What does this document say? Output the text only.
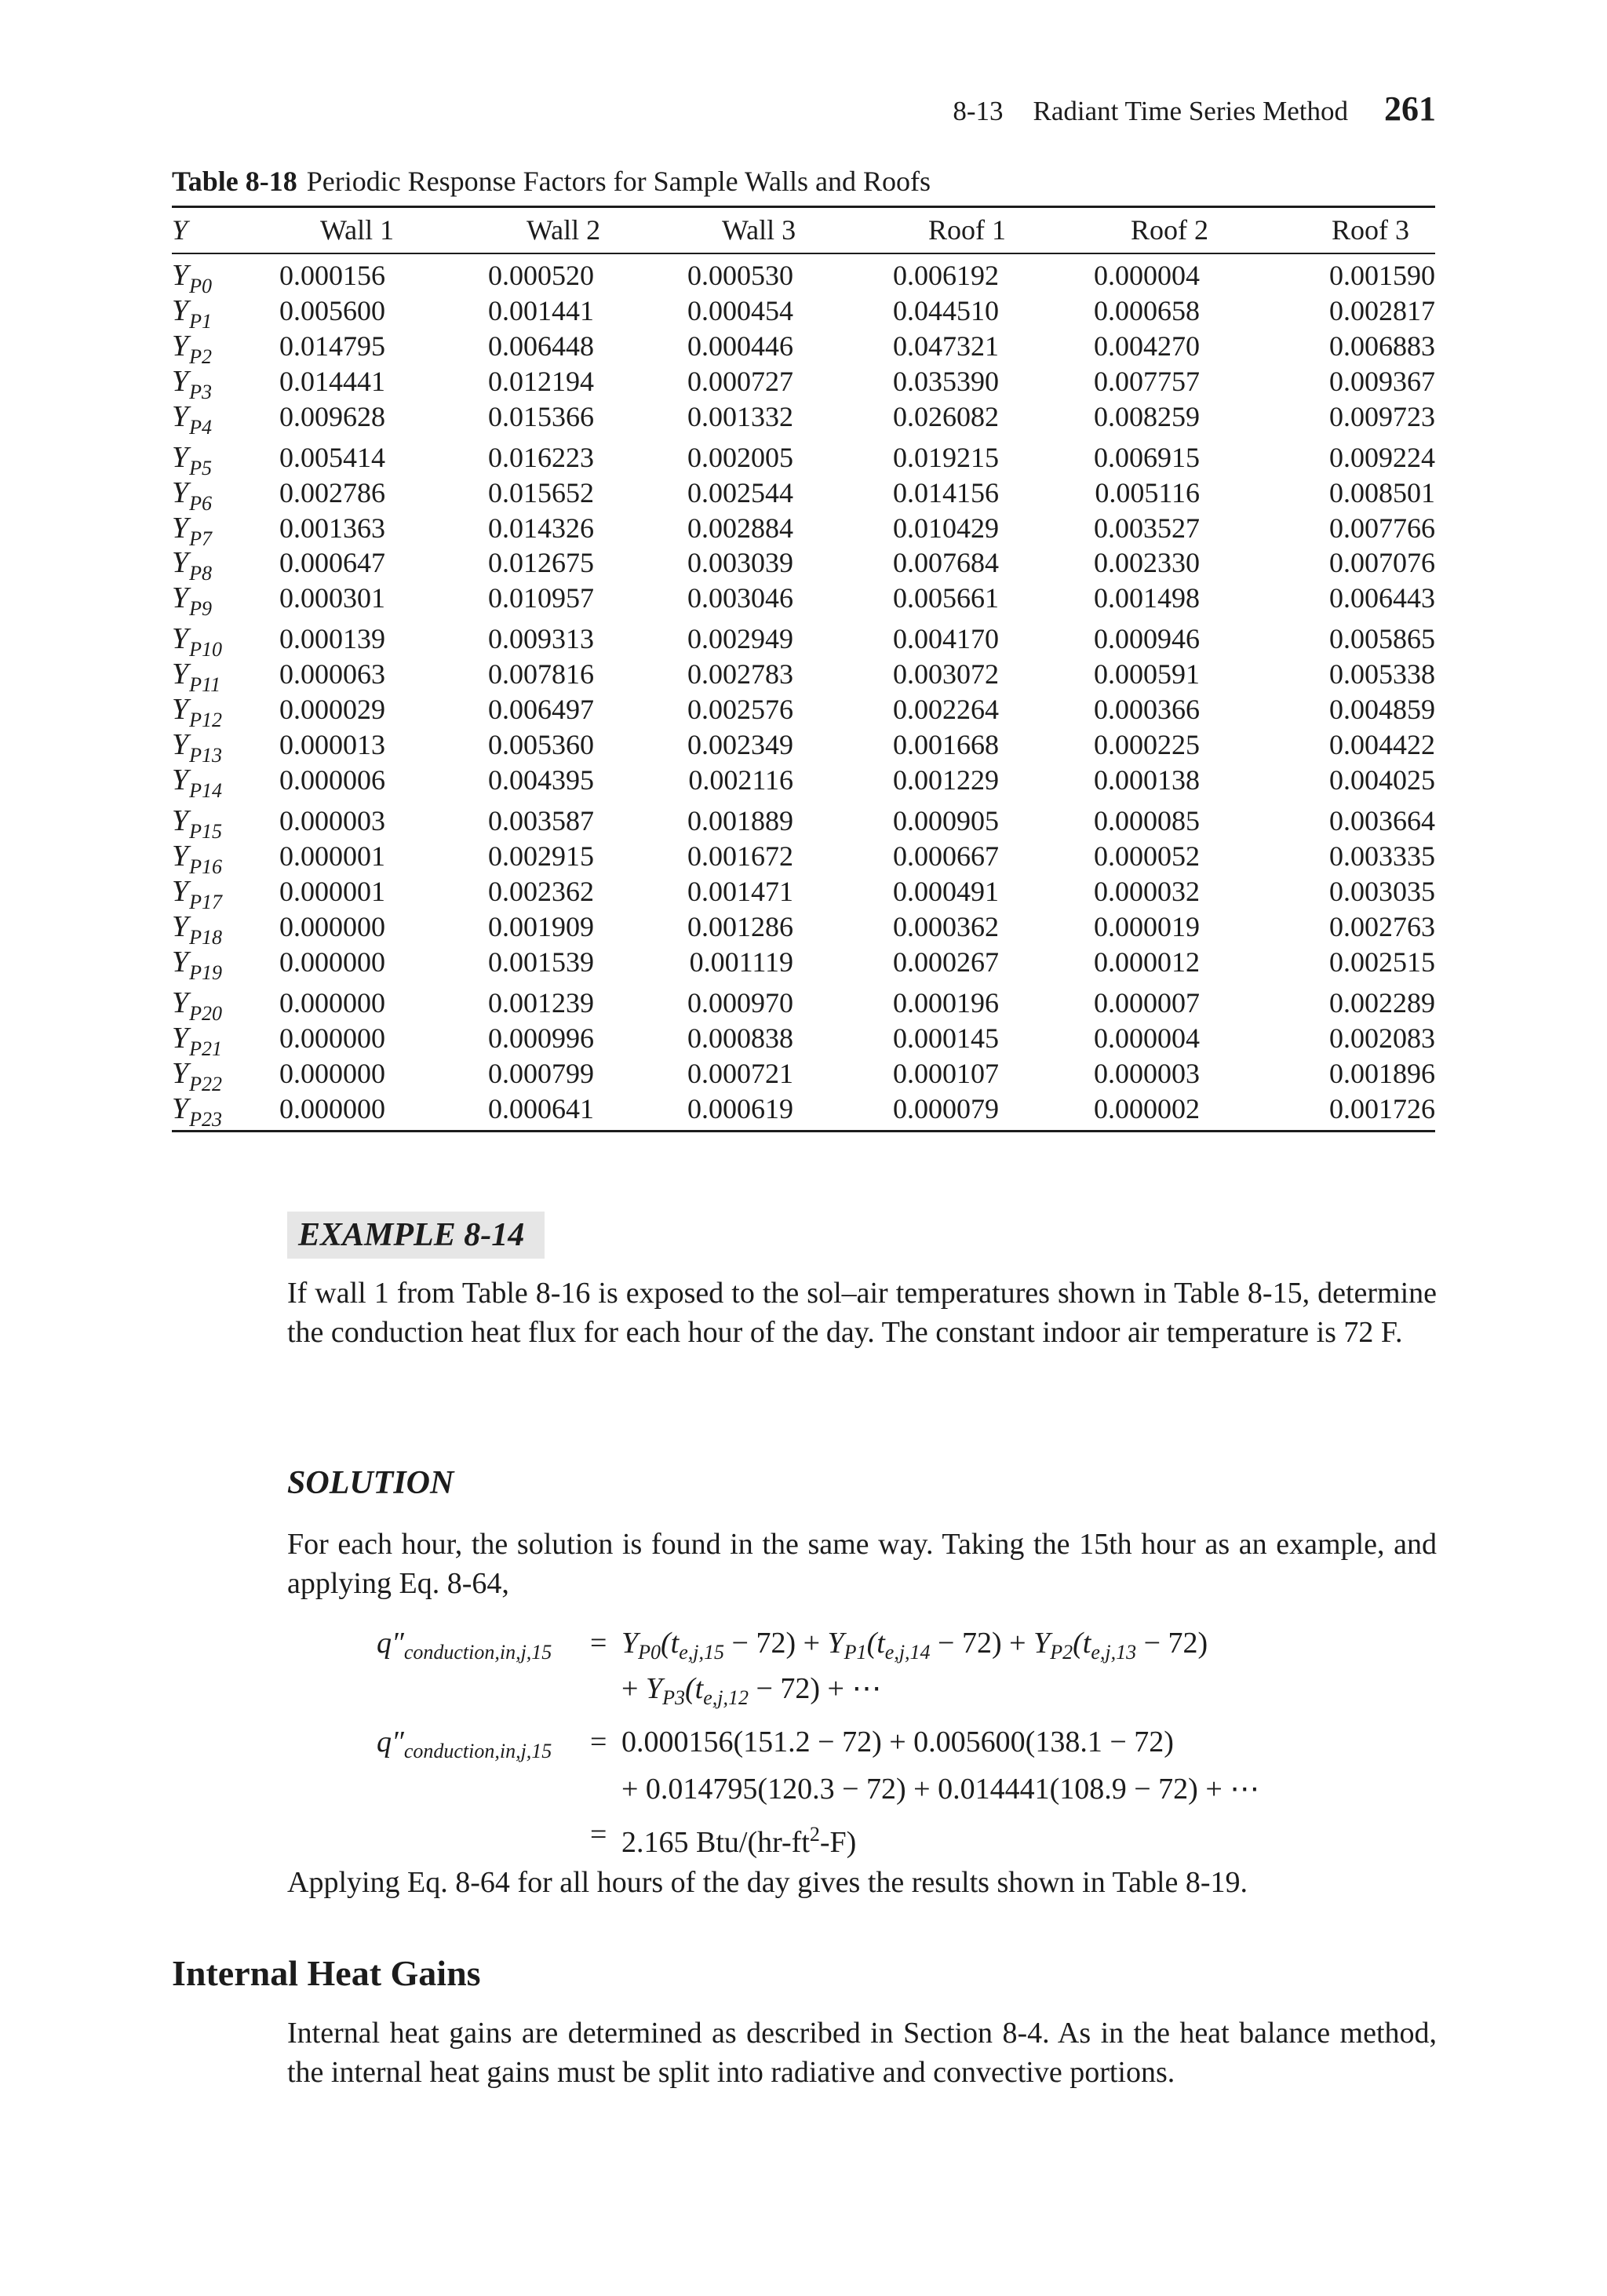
8-13 Radiant Time Series Method 261
Table 8-18 Periodic Response Factors for Sample Walls and Roofs
Y	Wall 1	Wall 2	Wall 3	Roof 1	Roof 2	Roof 3
$Y_{P0}$	0.000156	0.000520	0.000530	0.006192	0.000004	0.001590
$Y_{P1}$	0.005600	0.001441	0.000454	0.044510	0.000658	0.002817
$Y_{P2}$	0.014795	0.006448	0.000446	0.047321	0.004270	0.006883
$Y_{P3}$	0.014441	0.012194	0.000727	0.035390	0.007757	0.009367
$Y_{P4}$	0.009628	0.015366	0.001332	0.026082	0.008259	0.009723
$Y_{P5}$	0.005414	0.016223	0.002005	0.019215	0.006915	0.009224
$Y_{P6}$	0.002786	0.015652	0.002544	0.014156	0.005116	0.008501
$Y_{P7}$	0.001363	0.014326	0.002884	0.010429	0.003527	0.007766
$Y_{P8}$	0.000647	0.012675	0.003039	0.007684	0.002330	0.007076
$Y_{P9}$	0.000301	0.010957	0.003046	0.005661	0.001498	0.006443
$Y_{P10}$	0.000139	0.009313	0.002949	0.004170	0.000946	0.005865
$Y_{P11}$	0.000063	0.007816	0.002783	0.003072	0.000591	0.005338
$Y_{P12}$	0.000029	0.006497	0.002576	0.002264	0.000366	0.004859
$Y_{P13}$	0.000013	0.005360	0.002349	0.001668	0.000225	0.004422
$Y_{P14}$	0.000006	0.004395	0.002116	0.001229	0.000138	0.004025
$Y_{P15}$	0.000003	0.003587	0.001889	0.000905	0.000085	0.003664
$Y_{P16}$	0.000001	0.002915	0.001672	0.000667	0.000052	0.003335
$Y_{P17}$	0.000001	0.002362	0.001471	0.000491	0.000032	0.003035
$Y_{P18}$	0.000000	0.001909	0.001286	0.000362	0.000019	0.002763
$Y_{P19}$	0.000000	0.001539	0.001119	0.000267	0.000012	0.002515
$Y_{P20}$	0.000000	0.001239	0.000970	0.000196	0.000007	0.002289
$Y_{P21}$	0.000000	0.000996	0.000838	0.000145	0.000004	0.002083
$Y_{P22}$	0.000000	0.000799	0.000721	0.000107	0.000003	0.001896
$Y_{P23}$	0.000000	0.000641	0.000619	0.000079	0.000002	0.001726
EXAMPLE 8-14
If wall 1 from Table 8-16 is exposed to the sol–air temperatures shown in Table 8-15, determine the conduction heat flux for each hour of the day. The constant indoor air temperature is 72 F.
SOLUTION
For each hour, the solution is found in the same way. Taking the 15th hour as an example, and applying Eq. 8-64,
$q''_{conduction,in,j,15} = Y_{P0}(t_{e,j,15} - 72) + Y_{P1}(t_{e,j,14} - 72) + Y_{P2}(t_{e,j,13} - 72)$
+ $Y_{P3}(t_{e,j,12} - 72)$ + ⋯
$q''_{conduction,in,j,15} = 0.000156(151.2 - 72) + 0.005600(138.1 - 72)$
+ 0.014795(120.3 − 72) + 0.014441(108.9 − 72) + ⋯
= 2.165 Btu/$(hr-ft^2-F)$
Applying Eq. 8-64 for all hours of the day gives the results shown in Table 8-19.
Internal Heat Gains
Internal heat gains are determined as described in Section 8-4. As in the heat balance method, the internal heat gains must be split into radiative and convective portions.
